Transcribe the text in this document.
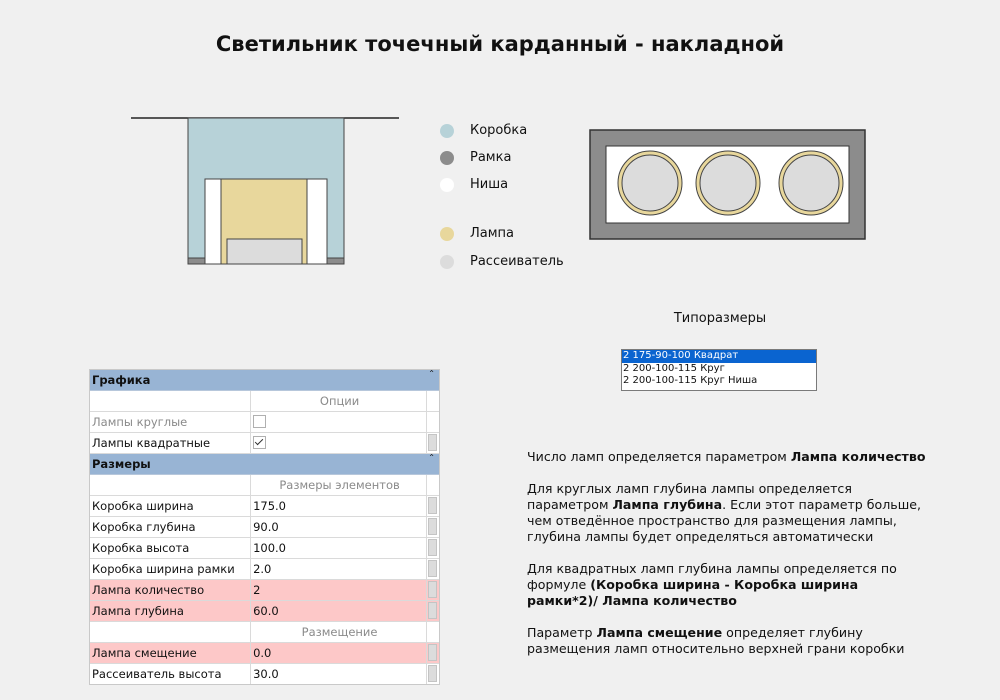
Светильник точечный карданный - накладной
Коробка
Рамка
Ниша
Лампа
Рассеиватель
Типоразмеры
2 175-90-100 Квадрат
2 200-100-115 Круг
2 200-100-115 Круг Ниша
Графика	⌃
Опции
Лампы круглые
Лампы квадратные
Размеры	⌃
Размеры элементов
Коробка ширина	175.0
Коробка глубина	90.0
Коробка высота	100.0
Коробка ширина рамки	2.0
Лампа количество	2
Лампа глубина	60.0
Размещение
Лампа смещение	0.0
Рассеиватель высота	30.0

Число ламп определяется параметром Лампа количество

Для круглых ламп глубина лампы определяется параметром Лампа глубина. Если этот параметр больше, чем отведённое пространство для размещения лампы, глубина лампы будет определяться автоматически

Для квадратных ламп глубина лампы определяется по формуле (Коробка ширина - Коробка ширина рамки*2)/ Лампа количество

Параметр Лампа смещение определяет глубину размещения ламп относительно верхней грани коробки
